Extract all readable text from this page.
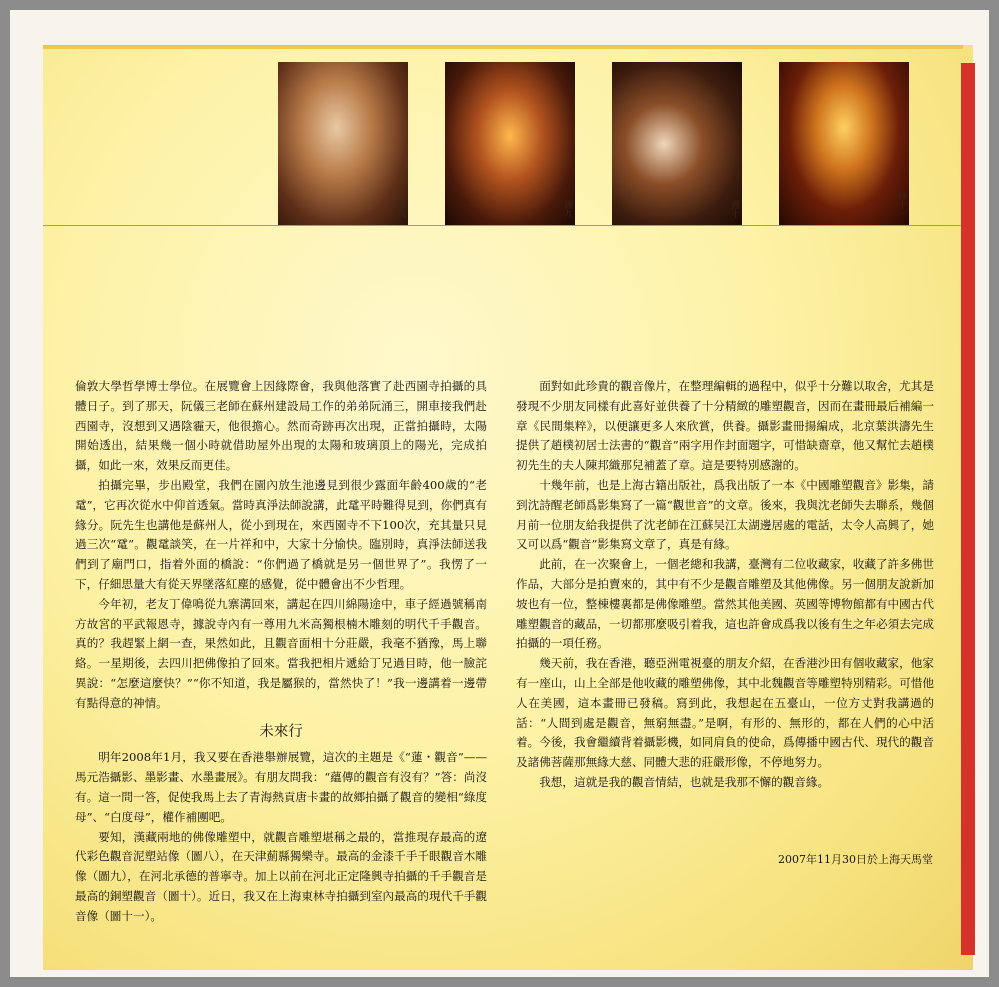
圖八	圖九	圖十	圖十一

倫敦大學哲學博士學位。在展覽會上因緣際會，我與他落實了赴西園寺拍攝的具體日子。到了那天，阮儀三老師在蘇州建設局工作的弟弟阮涌三，開車接我們赴西園寺，沒想到又遇陰霾天，他很擔心。然而奇跡再次出現，正當拍攝時，太陽開始透出，結果幾一個小時就借助屋外出現的太陽和玻璃頂上的陽光，完成拍攝，如此一來，效果反而更佳。

拍攝完畢，步出殿堂，我們在園內放生池邊見到很少露面年齡400歲的“老鼋”，它再次從水中仰首透氣。當時真淨法師說講，此鼋平時難得見到，你們真有緣分。阮先生也講他是蘇州人，從小到現在，來西園寺不下100次，充其量只見過三次“鼋”。觀鼋談笑，在一片祥和中，大家十分愉快。臨別時，真淨法師送我們到了廟門口，指着外面的橋說：“你們過了橋就是另一個世界了”。我愣了一下，仔細思量大有從天界墜落紅塵的感覺，從中體會出不少哲理。

今年初，老友丁偉鳴從九寨溝回來，講起在四川綿陽途中，車子經過號稱南方故宮的平武報恩寺，據說寺內有一尊用九米高獨根楠木雕刻的明代千手觀音。真的？我趕緊上網一查，果然如此，且觀音面相十分莊嚴，我毫不猶豫，馬上聯絡。一星期後，去四川把佛像拍了回來。當我把相片遞給丁兄過目時，他一臉詫異說：“怎麼這麼快？”“你不知道，我是屬猴的，當然快了！”我一邊講着一邊帶有點得意的神情。

未來行

明年2008年1月，我又要在香港舉辦展覽，這次的主題是《“蓮・觀音”—— 馬元浩攝影、墨影畫、水墨畫展》。有朋友問我：“蘊傳的觀音有沒有？”答：尚沒有。這一問一答，促使我馬上去了青海熱貢唐卡畫的故鄉拍攝了觀音的變相“綠度母”、“白度母”，權作補團吧。

要知，漢藏兩地的佛像雕塑中，就觀音雕塑堪稱之最的，當推現存最高的遼代彩色觀音泥塑站像（圖八），在天津薊縣獨樂寺。最高的金漆千手千眼觀音木雕像（圖九），在河北承德的普寧寺。加上以前在河北正定隆興寺拍攝的千手觀音是最高的銅塑觀音（圖十）。近日，我又在上海東林寺拍攝到室內最高的現代千手觀音像（圖十一）。

面對如此珍貴的觀音像片，在整理編輯的過程中，似乎十分難以取舍，尤其是發現不少朋友同樣有此喜好並供養了十分精緻的雕塑觀音，因而在畫冊最后補編一章《民間集粹》，以便讓更多人來欣賞，供養。攝影畫冊揚編成，北京葉洪濤先生提供了趙樸初居士法書的“觀音”兩字用作封面題字，可惜缺齋章，他又幫忙去趙樸初先生的夫人陳邦織那兒補蓋了章。這是要特別感謝的。

十幾年前，也是上海古籍出版社，爲我出版了一本《中國雕塑觀音》影集，請到沈詩醒老師爲影集寫了一篇“觀世音”的文章。後來，我與沈老師失去聯系，幾個月前一位朋友給我提供了沈老師在江蘇吴江太湖邊居處的電話，太令人高興了，她又可以爲“觀音”影集寫文章了，真是有緣。

此前，在一次聚會上，一個老總和我講，臺灣有二位收藏家，收藏了許多佛世作品，大部分是拍賣來的，其中有不少是觀音雕塑及其他佛像。另一個朋友說新加坡也有一位，整棟樓裏都是佛像雕塑。當然其他美國、英國等博物館都有中國古代雕塑觀音的藏品，一切都那麼吸引着我，這也許會成爲我以後有生之年必須去完成拍攝的一項任務。

幾天前，我在香港，聽亞洲電視臺的朋友介紹，在香港沙田有個收藏家，他家有一座山，山上全部是他收藏的雕塑佛像，其中北魏觀音等雕塑特別精彩。可惜他人在美國，這本畫冊已發稿。寫到此，我想起在五臺山，一位方丈對我講過的話：“人間到處是觀音，無窮無盡。”是啊，有形的、無形的，都在人們的心中活着。今後，我會繼續背着攝影機，如同肩負的使命，爲傳播中國古代、現代的觀音及諸佛菩薩那無緣大慈、同體大悲的莊嚴形像，不停地努力。

我想，這就是我的觀音情結，也就是我那不懈的觀音緣。

2007年11月30日於上海天馬堂
